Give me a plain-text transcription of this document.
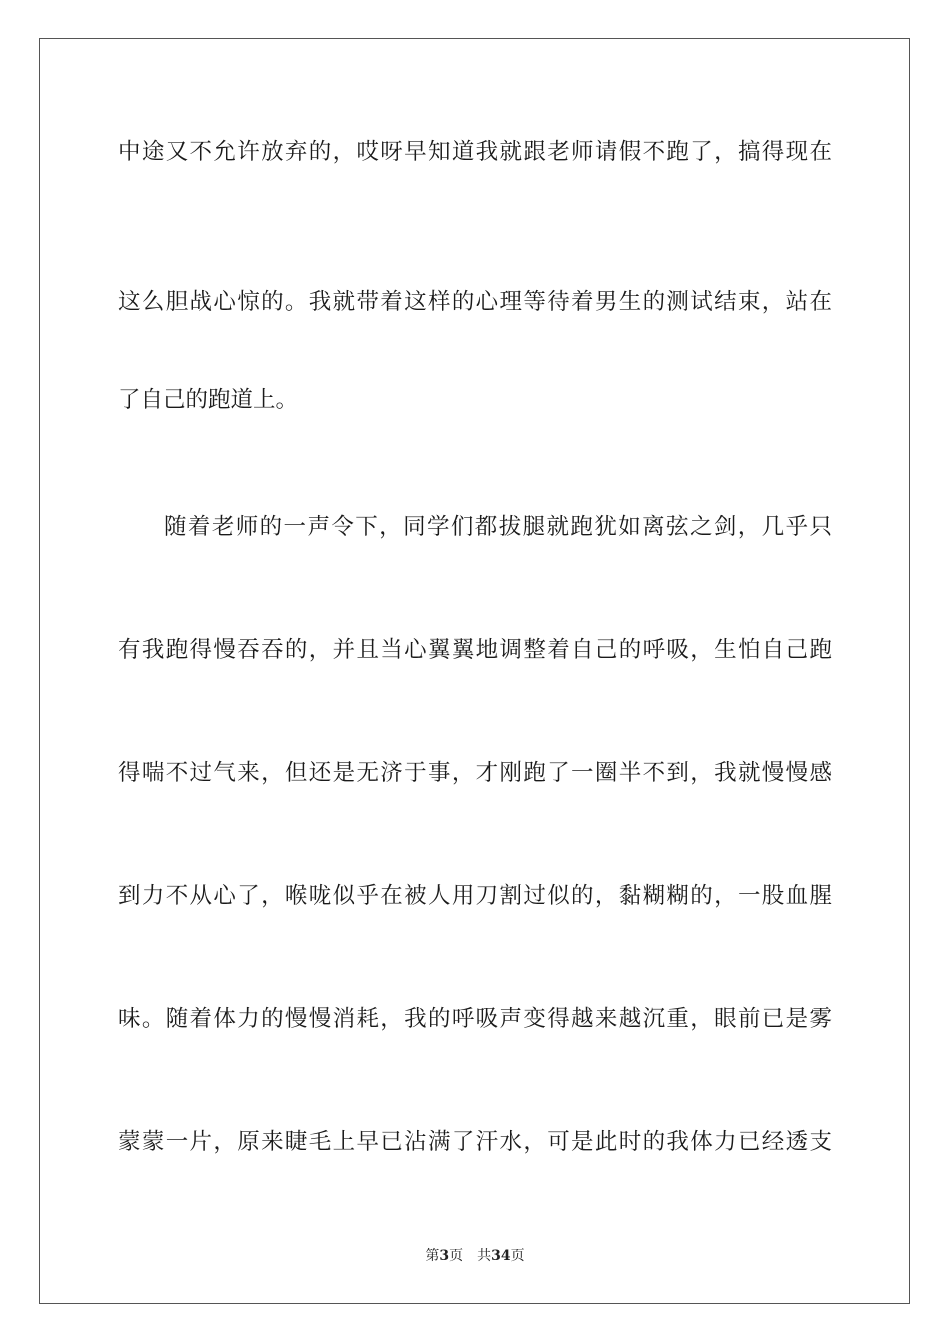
中途又不允许放弃的，哎呀早知道我就跟老师请假不跑了，搞得现在
这么胆战心惊的。我就带着这样的心理等待着男生的测试结束，站在
了自己的跑道上。
随着老师的一声令下，同学们都拔腿就跑犹如离弦之剑，几乎只
有我跑得慢吞吞的，并且当心翼翼地调整着自己的呼吸，生怕自己跑
得喘不过气来，但还是无济于事，才刚跑了一圈半不到，我就慢慢感
到力不从心了，喉咙似乎在被人用刀割过似的，黏糊糊的，一股血腥
味。随着体力的慢慢消耗，我的呼吸声变得越来越沉重，眼前已是雾
蒙蒙一片，原来睫毛上早已沾满了汗水，可是此时的我体力已经透支
第3页 共34页
